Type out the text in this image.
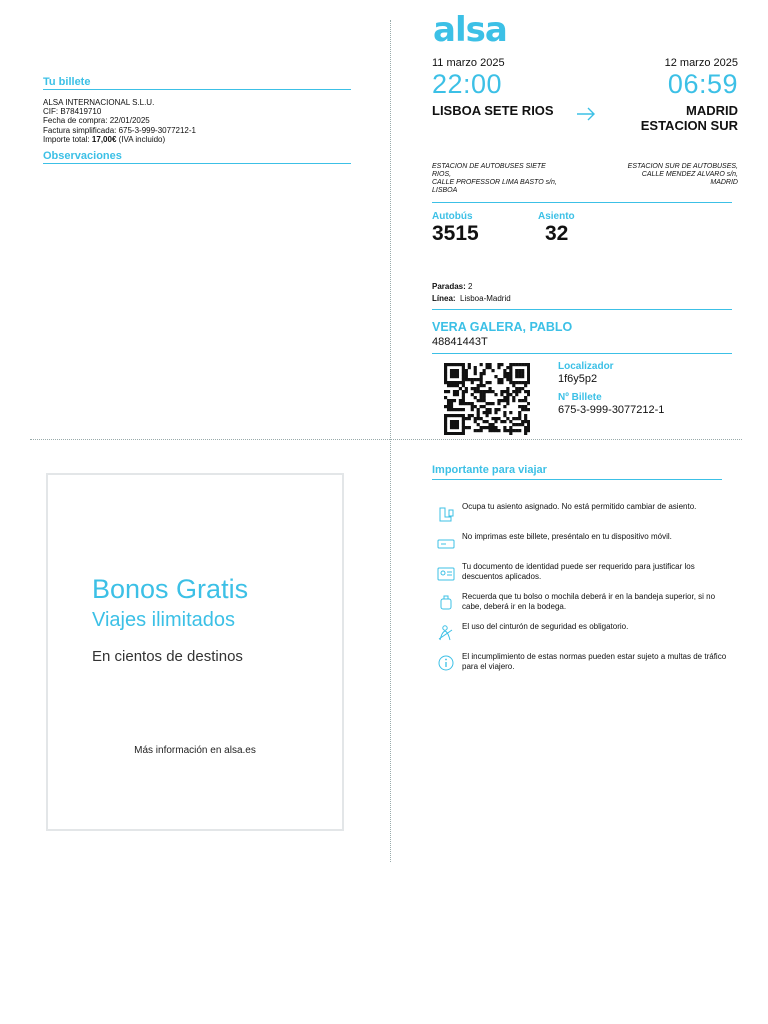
Tu billete
ALSA INTERNACIONAL S.L.U.
CIF: B78419710
Fecha de compra: 22/01/2025
Factura simplificada: 675-3-999-3077212-1
Importe total: 17,00€ (IVA incluido)
Observaciones
alsa
11 marzo 2025	12 marzo 2025
22:00	06:59
LISBOA SETE RIOS	MADRID
ESTACION SUR
ESTACION DE AUTOBUSES SIETE
RIOS,
CALLE PROFESSOR LIMA BASTO s/n,
LISBOA
ESTACION SUR DE AUTOBUSES,
CALLE MENDEZ ALVARO s/n,
MADRID
Autobús
3515
Asiento
32
Paradas: 2
Línea:  Lisboa-Madrid
VERA GALERA, PABLO
48841443T
Localizador
1f6y5p2
Nº Billete
675-3-999-3077212-1
Bonos Gratis
Viajes ilimitados
En cientos de destinos
Más información en alsa.es
Importante para viajar
Ocupa tu asiento asignado. No está permitido cambiar de asiento.
No imprimas este billete, preséntalo en tu dispositivo móvil.
Tu documento de identidad puede ser requerido para justificar los descuentos aplicados.
Recuerda que tu bolso o mochila deberá ir en la bandeja superior, si no cabe, deberá ir en la bodega.
El uso del cinturón de seguridad es obligatorio.
El incumplimiento de estas normas pueden estar sujeto a multas de tráfico para el viajero.
